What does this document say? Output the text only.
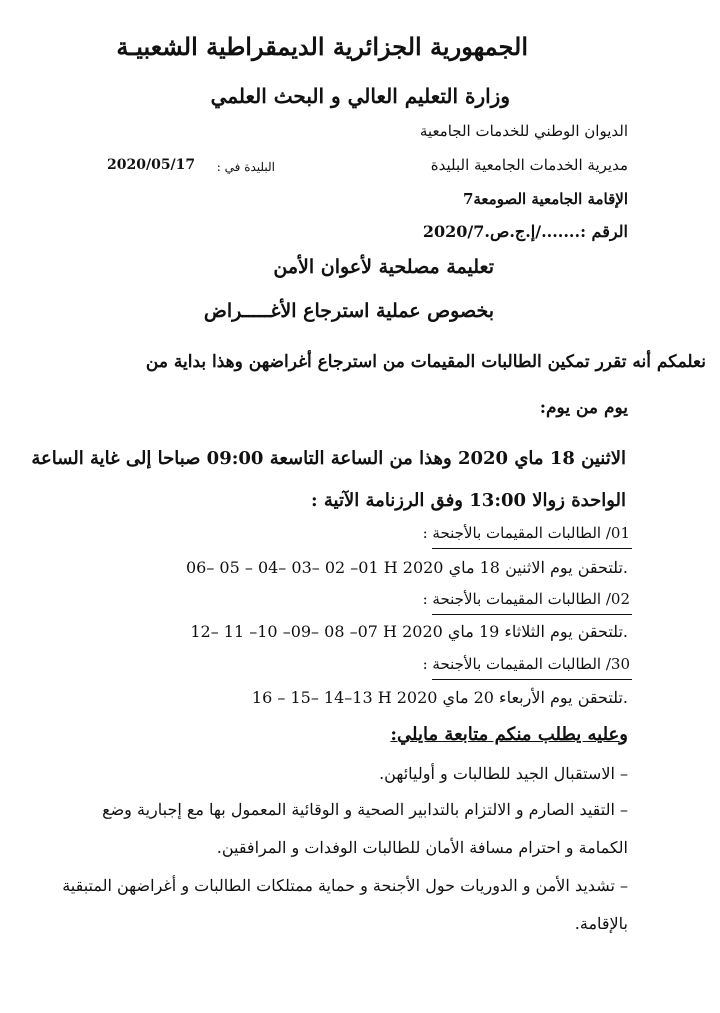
الجمهورية الجزائرية الديمقراطية الشعبيـة
وزارة التعليم العالي و البحث العلمي
الديوان الوطني للخدمات الجامعية
مديرية الخدمات الجامعية البليدة
البليدة في :
2020/05/17
الإقامة الجامعية الصومعة7
الرقم :......./إ.ج.ص.2020/7
تعليمة مصلحية لأعوان الأمن
بخصوص عملية استرجاع الأغـــــراض
نعلمكم أنه تقرر تمكين الطالبات المقيمات من استرجاع أغراضهن وهذا بداية من
يوم من يوم:
الاثنين 18 ماي 2020 وهذا من الساعة التاسعة 09:00 صباحا إلى غاية الساعة
الواحدة زوالا 13:00 وفق الرزنامة الآتية :
01/ الطالبات المقيمات بالأجنحة :
06– 05 – 04– 03– 02 –01 H تلتحقن يوم الاثنين 18 ماي 2020.
02/ الطالبات المقيمات بالأجنحة :
12– 11 –10 –09– 08 –07 H تلتحقن يوم الثلاثاء 19 ماي 2020.
30/ الطالبات المقيمات بالأجنحة :
16 – 15– 14–13 H تلتحقن يوم الأربعاء 20 ماي 2020.
وعليه يطلب منكم متابعة مايلي:
– الاستقبال الجيد للطالبات و أوليائهن.
– التقيد الصارم و الالتزام بالتدابير الصحية و الوقائية المعمول بها مع إجبارية وضع
الكمامة و احترام مسافة الأمان للطالبات الوفدات و المرافقين.
– تشديد الأمن و الدوريات حول الأجنحة و حماية ممتلكات الطالبات و أغراضهن المتبقية
بالإقامة.
